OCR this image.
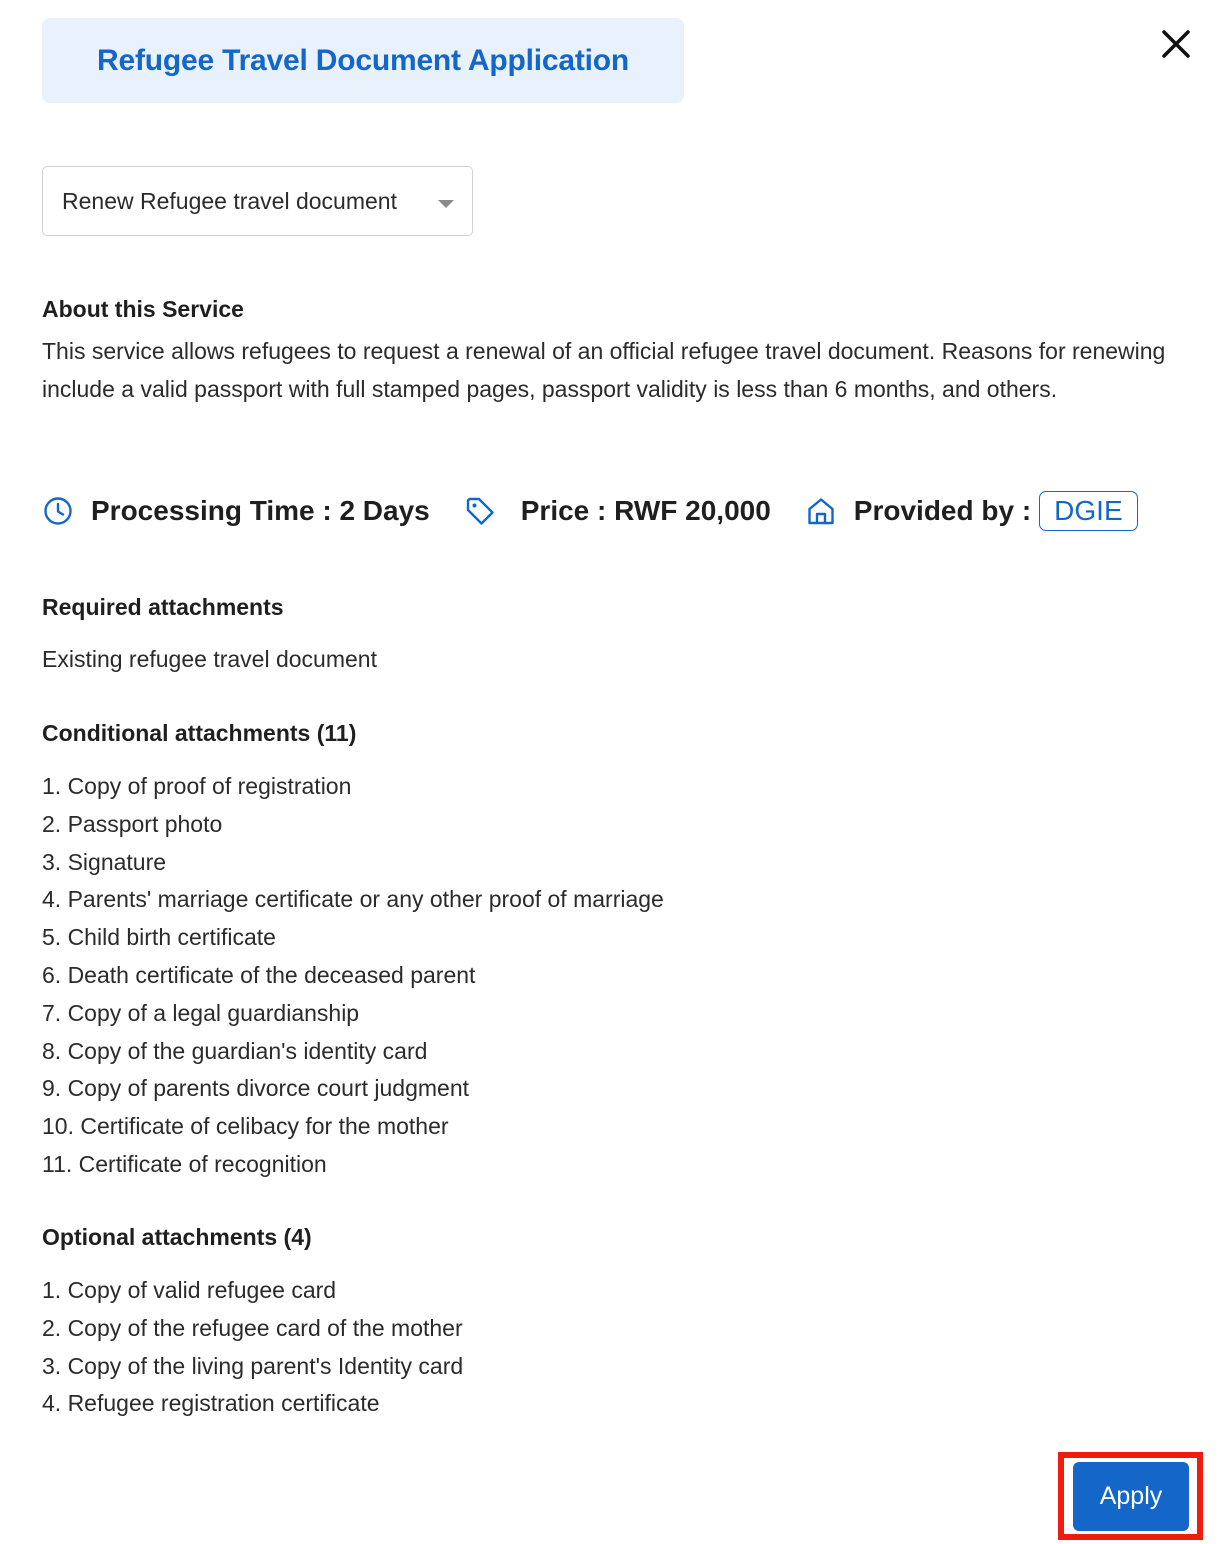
Refugee Travel Document Application
Renew Refugee travel document
About this Service

This service allows refugees to request a renewal of an official refugee travel document. Reasons for renewing include a valid passport with full stamped pages, passport validity is less than 6 months, and others.

Processing Time : 2 Days	Price : RWF 20,000	Provided by : DGIE
Required attachments

Existing refugee travel document

Conditional attachments (11)
1. Copy of proof of registration
2. Passport photo
3. Signature
4. Parents' marriage certificate or any other proof of marriage
5. Child birth certificate
6. Death certificate of the deceased parent
7. Copy of a legal guardianship
8. Copy of the guardian's identity card
9. Copy of parents divorce court judgment
10. Certificate of celibacy for the mother
11. Certificate of recognition
Optional attachments (4)
1. Copy of valid refugee card
2. Copy of the refugee card of the mother
3. Copy of the living parent's Identity card
4. Refugee registration certificate
Apply
